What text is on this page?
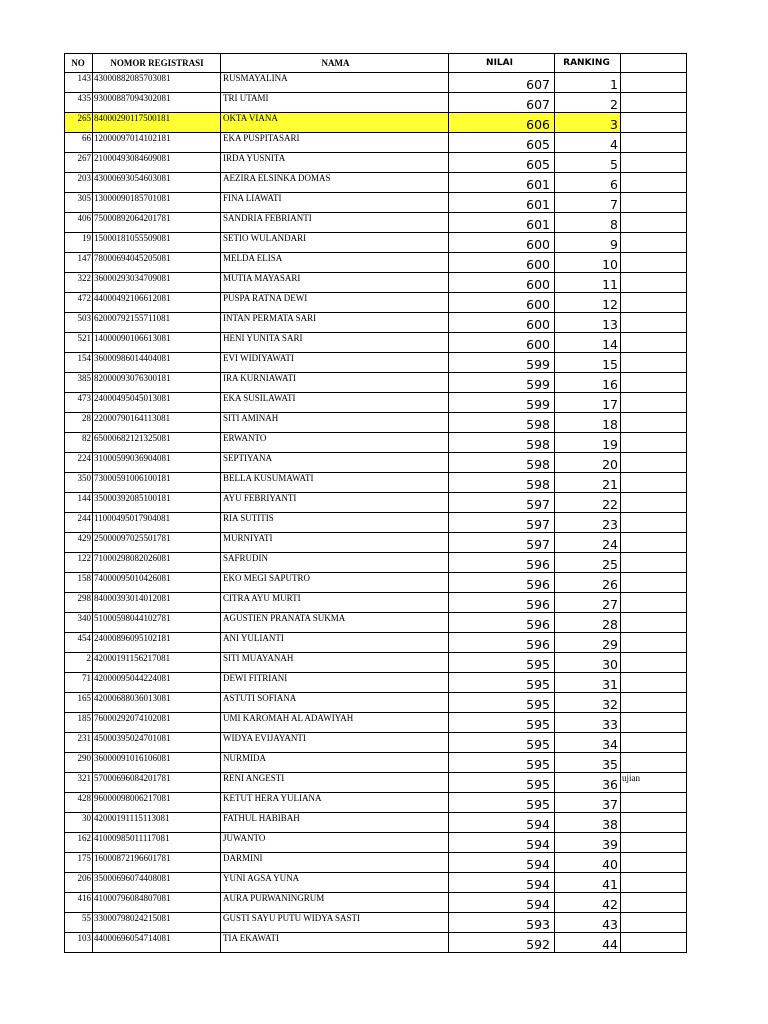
NO	NOMOR REGISTRASI	NAMA	NILAI	RANKING	
143	43000882085703081	RUSMAYALINA	607	1	
435	93000887094302081	TRI UTAMI	607	2	
265	84000290117500181	OKTA VIANA	606	3	
66	12000097014102181	EKA PUSPITASARI	605	4	
267	21000493084609081	IRDA YUSNITA	605	5	
203	43000693054603081	AEZIRA ELSINKA DOMAS	601	6	
305	13000090185701081	FINA LIAWATI	601	7	
406	75000892064201781	SANDRIA FEBRIANTI	601	8	
19	15000181055509081	SETIO WULANDARI	600	9	
147	78000694045205081	MELDA ELISA	600	10	
322	36000293034709081	MUTIA MAYASARI	600	11	
472	44000492106612081	PUSPA RATNA DEWI	600	12	
503	62000792155711081	INTAN PERMATA SARI	600	13	
521	14000090106613081	HENI YUNITA SARI	600	14	
154	36000986014404081	EVI WIDIYAWATI	599	15	
385	82000093076300181	IRA KURNIAWATI	599	16	
473	24000495045013081	EKA SUSILAWATI	599	17	
28	22000790164113081	SITI AMINAH	598	18	
82	65000682121325081	ERWANTO	598	19	
224	31000599036904081	SEPTIYANA	598	20	
350	73000591006100181	BELLA KUSUMAWATI	598	21	
144	35000392085100181	AYU FEBRIYANTI	597	22	
244	11000495017904081	RIA SUTITIS	597	23	
429	25000097025501781	MURNIYATI	597	24	
122	71000298082026081	SAFRUDIN	596	25	
158	74000095010426081	EKO MEGI SAPUTRO	596	26	
298	84000393014012081	CITRA AYU MURTI	596	27	
340	51000598044102781	AGUSTIEN PRANATA SUKMA	596	28	
454	24000896095102181	ANI YULIANTI	596	29	
2	42000191156217081	SITI MUAYANAH	595	30	
71	42000095044224081	DEWI FITRIANI	595	31	
165	42000688036013081	ASTUTI SOFIANA	595	32	
185	76000292074102081	UMI KAROMAH AL ADAWIYAH	595	33	
231	45000395024701081	WIDYA EVIJAYANTI	595	34	
290	36000091016106081	NURMIDA	595	35	
321	57000696084201781	RENI ANGESTI	595	36	ujian
428	96000098006217081	KETUT HERA YULIANA	595	37	
30	42000191115113081	FATHUL HABIBAH	594	38	
162	41000985011117081	JUWANTO	594	39	
175	16000872196601781	DARMINI	594	40	
206	35000696074408081	YUNI AGSA YUNA	594	41	
416	41000796084807081	AURA PURWANINGRUM	594	42	
55	33000798024215081	GUSTI SAYU PUTU WIDYA SASTI	593	43	
103	44000696054714081	TIA EKAWATI	592	44	
